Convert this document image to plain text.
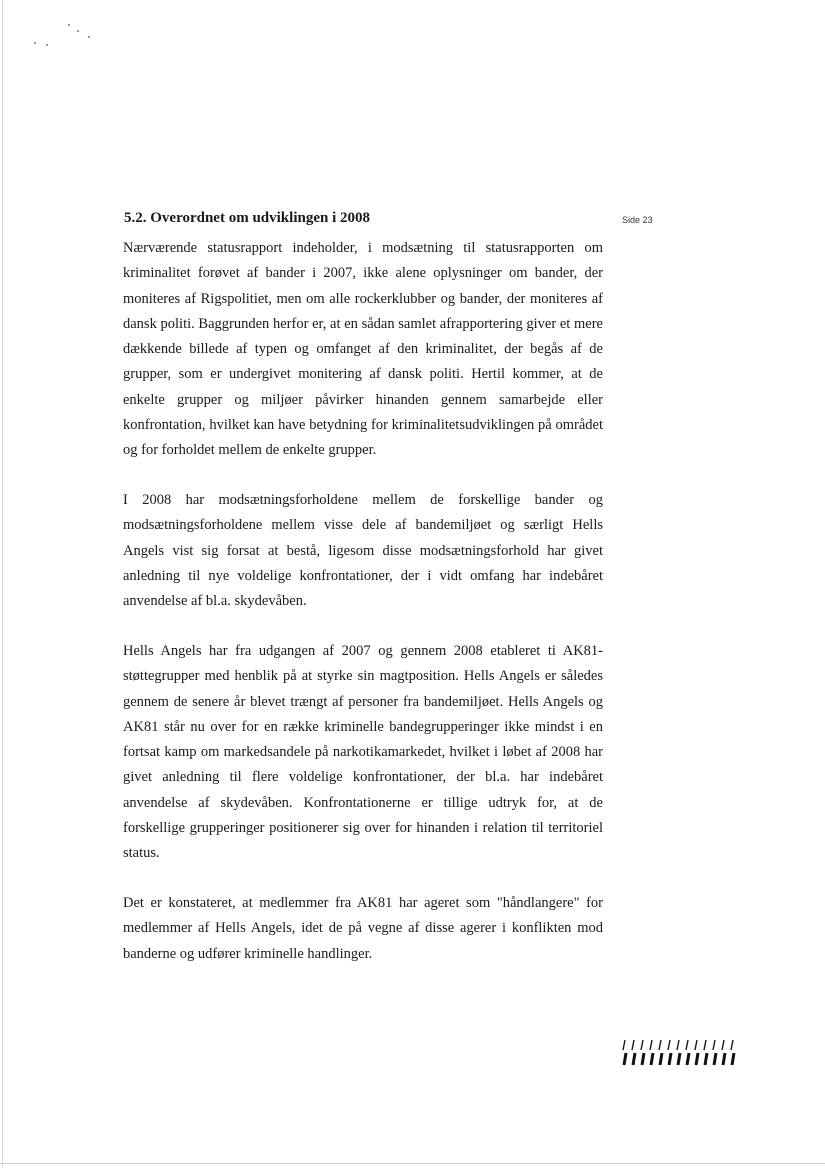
5.2. Overordnet om udviklingen i 2008	Side 23

Nærværende statusrapport indeholder, i modsætning til statusrapporten om kriminalitet forøvet af bander i 2007, ikke alene oplysninger om bander, der moniteres af Rigspolitiet, men om alle rockerklubber og bander, der moniteres af dansk politi. Baggrunden herfor er, at en sådan samlet afrapportering giver et mere dækkende billede af typen og omfanget af den kriminalitet, der begås af de grupper, som er undergivet monitering af dansk politi. Hertil kommer, at de enkelte grupper og miljøer påvirker hinanden gennem samarbejde eller konfrontation, hvilket kan have betydning for kriminalitetsudviklingen på området og for forholdet mellem de enkelte grupper.

I 2008 har modsætningsforholdene mellem de forskellige bander og modsætningsforholdene mellem visse dele af bandemiljøet og særligt Hells Angels vist sig forsat at bestå, ligesom disse modsætningsforhold har givet anledning til nye voldelige konfrontationer, der i vidt omfang har indebåret anvendelse af bl.a. skydevåben.

Hells Angels har fra udgangen af 2007 og gennem 2008 etableret ti AK81-støttegrupper med henblik på at styrke sin magtposition. Hells Angels er således gennem de senere år blevet trængt af personer fra bandemiljøet. Hells Angels og AK81 står nu over for en række kriminelle bandegrupperinger ikke mindst i en fortsat kamp om markedsandele på narkotikamarkedet, hvilket i løbet af 2008 har givet anledning til flere voldelige konfrontationer, der bl.a. har indebåret anvendelse af skydevåben. Konfrontationerne er tillige udtryk for, at de forskellige grupperinger positionerer sig over for hinanden i relation til territoriel status.

Det er konstateret, at medlemmer fra AK81 har ageret som "håndlangere" for medlemmer af Hells Angels, idet de på vegne af disse agerer i konflikten mod banderne og udfører kriminelle handlinger.
